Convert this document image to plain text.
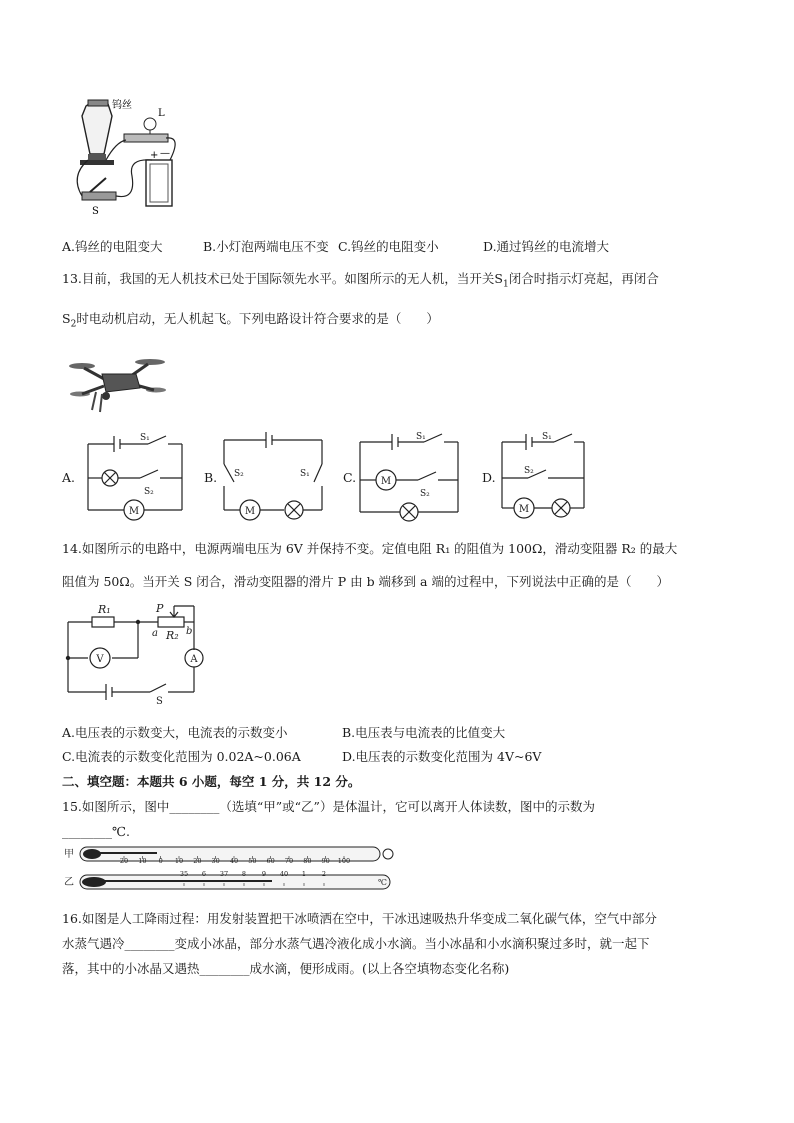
钨丝
L
+ —
S
A.钨丝的电阻变大	B.小灯泡两端电压不变 C.钨丝的电阻变小	D.通过钨丝的电流增大
13.目前，我国的无人机技术已处于国际领先水平。如图所示的无人机，当开关$S_1$闭合时指示灯亮起，再闭合
$S_2$时电动机启动，无人机起飞。下列电路设计符合要求的是（　　）
A.
M
S₁
S₂
B.
M
S₂	S₁	C. M
S₁
S₂
D.
M
S₁
S₂
14.如图所示的电路中，电源两端电压为 6V 并保持不变。定值电阻 R₁ 的阻值为 100Ω，滑动变阻器 R₂ 的最大
阻值为 50Ω。当开关 S 闭合，滑动变阻器的滑片 P 由 b 端移到 a 端的过程中，下列说法中正确的是（　　）
R₁
R₂
P
a	b
V	A
S
A.电压表的示数变大，电流表的示数变小	B.电压表与电流表的比值变大
C.电流表的示数变化范围为 0.02A~0.06A	D.电压表的示数变化范围为 4V~6V
二、填空题：本题共 6 小题，每空 1 分，共 12 分。
15.如图所示，图中________（选填“甲”或“乙”）是体温计，它可以离开人体读数，图中的示数为
________℃.
甲
20 10 0 10 20 30 40 50 60 70 80 90 100
乙	℃
35 6 37 8 9 40 1 2
16.如图是人工降雨过程：用发射装置把干冰喷洒在空中，干冰迅速吸热升华变成二氧化碳气体，空气中部分
水蒸气遇冷________变成小冰晶，部分水蒸气遇冷液化成小水滴。当小冰晶和小水滴积聚过多时，就一起下
落，其中的小冰晶又遇热________成水滴，便形成雨。(以上各空填物态变化名称)
